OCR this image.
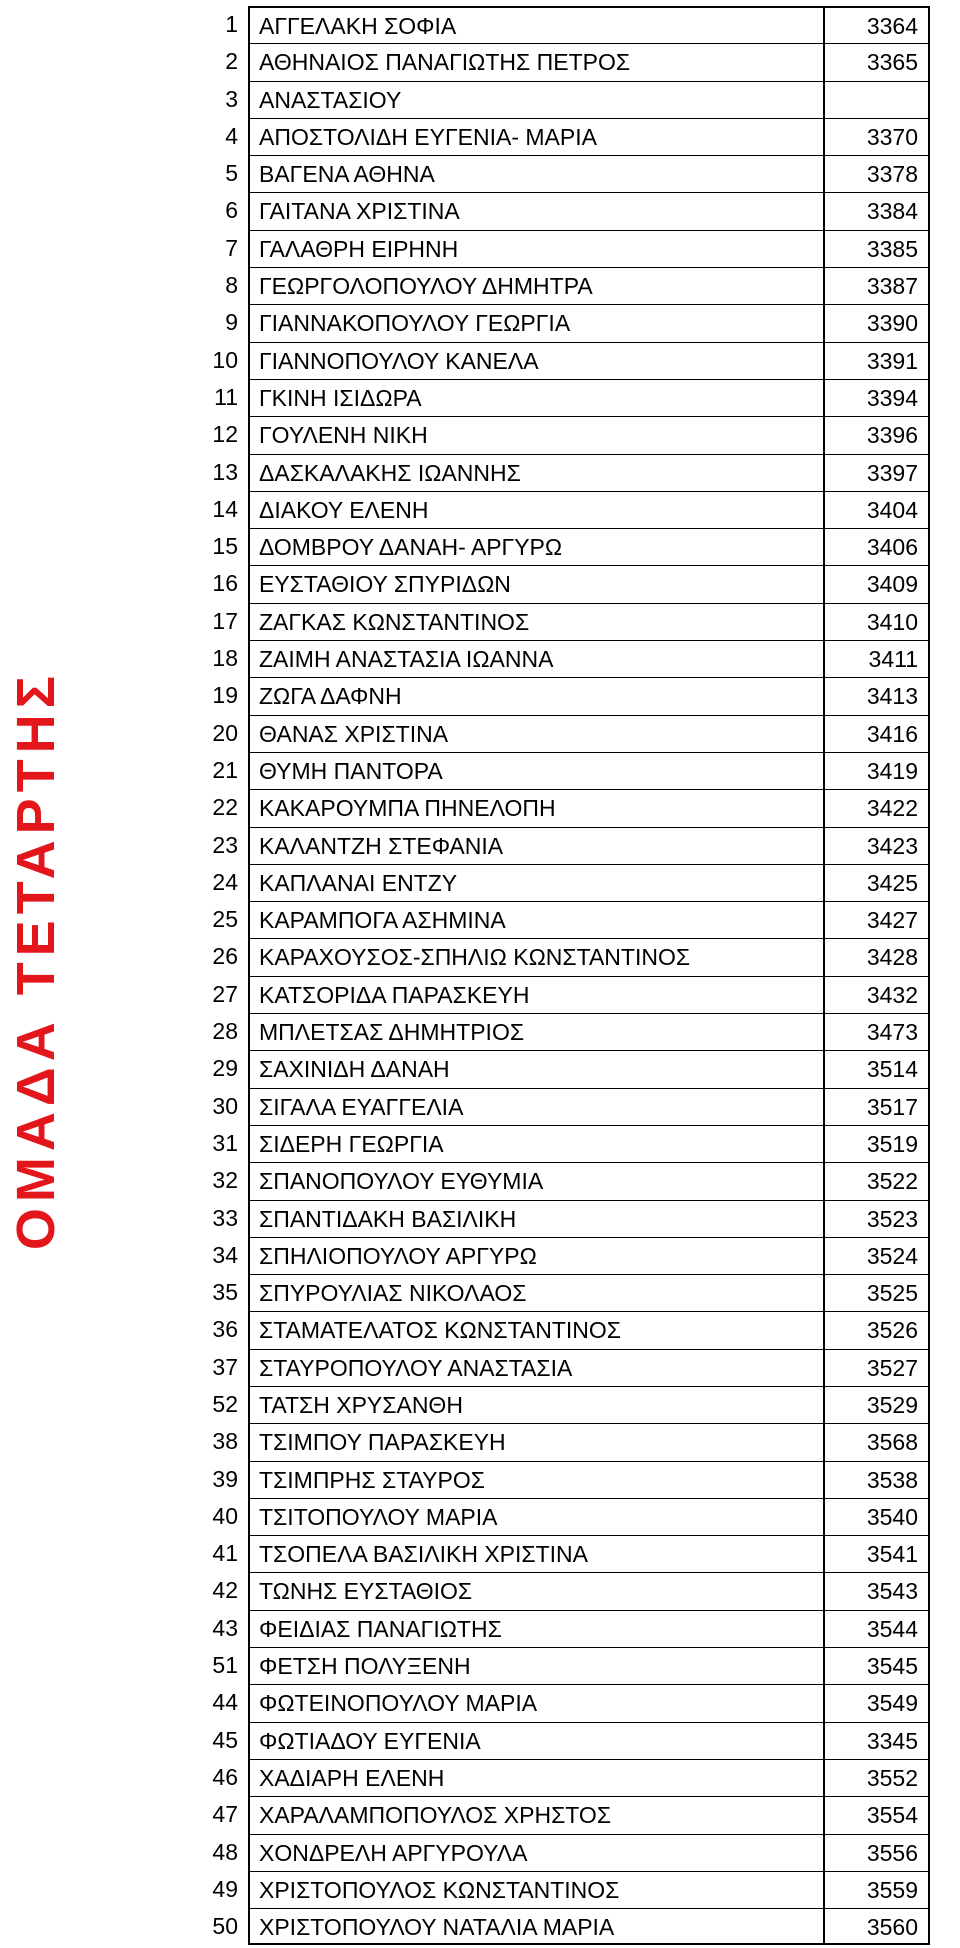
ΟΜΑΔΑ ΤΕΤΑΡΤΗΣ
1 ΑΓΓΕΛΑΚΗ ΣΟΦΙΑ	3364
2 ΑΘΗΝΑΙΟΣ ΠΑΝΑΓΙΩΤΗΣ ΠΕΤΡΟΣ	3365
3 ΑΝΑΣΤΑΣΙΟΥ
4 ΑΠΟΣΤΟΛΙΔΗ ΕΥΓΕΝΙΑ- ΜΑΡΙΑ	3370
5 ΒΑΓΕΝΑ ΑΘΗΝΑ	3378
6 ΓΑΙΤΑΝΑ ΧΡΙΣΤΙΝΑ	3384
7 ΓΑΛΑΘΡΗ ΕΙΡΗΝΗ	3385
8 ΓΕΩΡΓΟΛΟΠΟΥΛΟΥ ΔΗΜΗΤΡΑ	3387
9 ΓΙΑΝΝΑΚΟΠΟΥΛΟΥ ΓΕΩΡΓΙΑ	3390
10 ΓΙΑΝΝΟΠΟΥΛΟΥ ΚΑΝΕΛΑ	3391
11 ΓΚΙΝΗ ΙΣΙΔΩΡΑ	3394
12 ΓΟΥΛΕΝΗ ΝΙΚΗ	3396
13 ΔΑΣΚΑΛΑΚΗΣ ΙΩΑΝΝΗΣ	3397
14 ΔΙΑΚΟΥ ΕΛΕΝΗ	3404
15 ΔΟΜΒΡΟΥ ΔΑΝΑΗ- ΑΡΓΥΡΩ	3406
16 ΕΥΣΤΑΘΙΟΥ ΣΠΥΡΙΔΩΝ	3409
17 ΖΑΓΚΑΣ ΚΩΝΣΤΑΝΤΙΝΟΣ	3410
18 ΖΑΙΜΗ ΑΝΑΣΤΑΣΙΑ ΙΩΑΝΝΑ	3411
19 ΖΩΓΑ ΔΑΦΝΗ	3413
20 ΘΑΝΑΣ ΧΡΙΣΤΙΝΑ	3416
21 ΘΥΜΗ ΠΑΝΤΟΡΑ	3419
22 ΚΑΚΑΡΟΥΜΠΑ ΠΗΝΕΛΟΠΗ	3422
23 ΚΑΛΑΝΤΖΗ ΣΤΕΦΑΝΙΑ	3423
24 ΚΑΠΛΑΝΑΙ ΕΝΤΖΥ	3425
25 ΚΑΡΑΜΠΟΓΑ ΑΣΗΜΙΝΑ	3427
26 ΚΑΡΑΧΟΥΣΟΣ-ΣΠΗΛΙΩ ΚΩΝΣΤΑΝΤΙΝΟΣ	3428
27 ΚΑΤΣΟΡΙΔΑ ΠΑΡΑΣΚΕΥΗ	3432
28 ΜΠΛΕΤΣΑΣ ΔΗΜΗΤΡΙΟΣ	3473
29 ΣΑΧΙΝΙΔΗ ΔΑΝΑΗ	3514
30 ΣΙΓΑΛΑ ΕΥΑΓΓΕΛΙΑ	3517
31 ΣΙΔΕΡΗ ΓΕΩΡΓΙΑ	3519
32 ΣΠΑΝΟΠΟΥΛΟΥ ΕΥΘΥΜΙΑ	3522
33 ΣΠΑΝΤΙΔΑΚΗ ΒΑΣΙΛΙΚΗ	3523
34 ΣΠΗΛΙΟΠΟΥΛΟΥ ΑΡΓΥΡΩ	3524
35 ΣΠΥΡΟΥΛΙΑΣ ΝΙΚΟΛΑΟΣ	3525
36 ΣΤΑΜΑΤΕΛΑΤΟΣ ΚΩΝΣΤΑΝΤΙΝΟΣ	3526
37 ΣΤΑΥΡΟΠΟΥΛΟΥ ΑΝΑΣΤΑΣΙΑ	3527
52 ΤΑΤΣΗ ΧΡΥΣΑΝΘΗ	3529
38 ΤΣΙΜΠΟΥ ΠΑΡΑΣΚΕΥΗ	3568
39 ΤΣΙΜΠΡΗΣ ΣΤΑΥΡΟΣ	3538
40 ΤΣΙΤΟΠΟΥΛΟΥ ΜΑΡΙΑ	3540
41 ΤΣΟΠΕΛΑ ΒΑΣΙΛΙΚΗ ΧΡΙΣΤΙΝΑ	3541
42 ΤΩΝΗΣ ΕΥΣΤΑΘΙΟΣ	3543
43 ΦΕΙΔΙΑΣ ΠΑΝΑΓΙΩΤΗΣ	3544
51 ΦΕΤΣΗ ΠΟΛΥΞΕΝΗ	3545
44 ΦΩΤΕΙΝΟΠΟΥΛΟΥ ΜΑΡΙΑ	3549
45 ΦΩΤΙΑΔΟΥ ΕΥΓΕΝΙΑ	3345
46 ΧΑΔΙΑΡΗ ΕΛΕΝΗ	3552
47 ΧΑΡΑΛΑΜΠΟΠΟΥΛΟΣ ΧΡΗΣΤΟΣ	3554
48 ΧΟΝΔΡΕΛΗ ΑΡΓΥΡΟΥΛΑ	3556
49 ΧΡΙΣΤΟΠΟΥΛΟΣ ΚΩΝΣΤΑΝΤΙΝΟΣ	3559
50 ΧΡΙΣΤΟΠΟΥΛΟΥ ΝΑΤΑΛΙΑ ΜΑΡΙΑ	3560
